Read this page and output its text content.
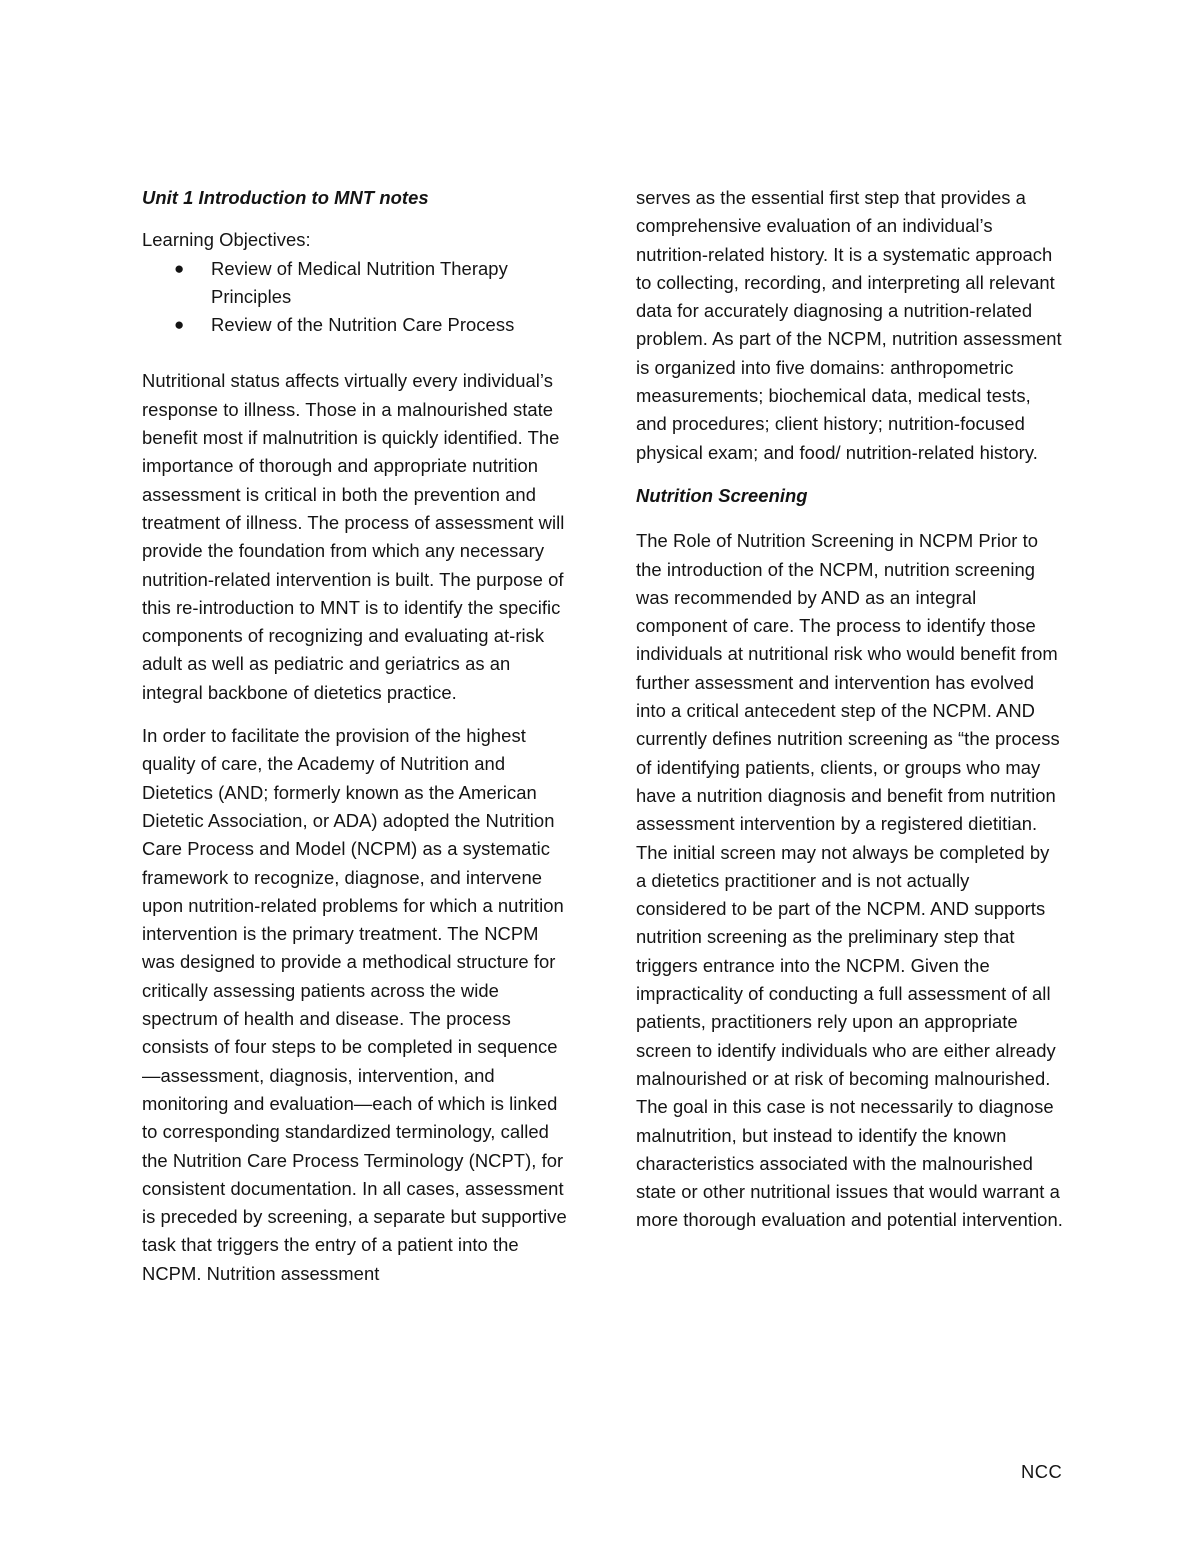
Unit 1 Introduction to MNT notes
Learning Objectives:
● Review of Medical Nutrition Therapy Principles
● Review of the Nutrition Care Process

Nutritional status affects virtually every individual’s response to illness. Those in a malnourished state benefit most if malnutrition is quickly identified. The importance of thorough and appropriate nutrition assessment is critical in both the prevention and treatment of illness. The process of assessment will provide the foundation from which any necessary nutrition-related intervention is built. The purpose of this re-introduction to MNT is to identify the specific components of recognizing and evaluating at-risk adult as well as pediatric and geriatrics as an integral backbone of dietetics practice.

In order to facilitate the provision of the highest quality of care, the Academy of Nutrition and Dietetics (AND; formerly known as the American Dietetic Association, or ADA) adopted the Nutrition Care Process and Model (NCPM) as a systematic framework to recognize, diagnose, and intervene upon nutrition-related problems for which a nutrition intervention is the primary treatment. The NCPM was designed to provide a methodical structure for critically assessing patients across the wide spectrum of health and disease. The process consists of four steps to be completed in sequence—assessment, diagnosis, intervention, and monitoring and evaluation—each of which is linked to corresponding standardized terminology, called the Nutrition Care Process Terminology (NCPT), for consistent documentation. In all cases, assessment is preceded by screening, a separate but supportive task that triggers the entry of a patient into the NCPM. Nutrition assessment

serves as the essential first step that provides a comprehensive evaluation of an individual’s nutrition-related history. It is a systematic approach to collecting, recording, and interpreting all relevant data for accurately diagnosing a nutrition-related problem. As part of the NCPM, nutrition assessment is organized into five domains: anthropometric measurements; biochemical data, medical tests, and procedures; client history; nutrition-focused physical exam; and food/ nutrition-related history.

Nutrition Screening

The Role of Nutrition Screening in NCPM Prior to the introduction of the NCPM, nutrition screening was recommended by AND as an integral component of care. The process to identify those individuals at nutritional risk who would benefit from further assessment and intervention has evolved into a critical antecedent step of the NCPM. AND currently defines nutrition screening as “the process of identifying patients, clients, or groups who may have a nutrition diagnosis and benefit from nutrition assessment intervention by a registered dietitian. The initial screen may not always be completed by a dietetics practitioner and is not actually considered to be part of the NCPM. AND supports nutrition screening as the preliminary step that triggers entrance into the NCPM. Given the impracticality of conducting a full assessment of all patients, practitioners rely upon an appropriate screen to identify individuals who are either already malnourished or at risk of becoming malnourished. The goal in this case is not necessarily to diagnose malnutrition, but instead to identify the known characteristics associated with the malnourished state or other nutritional issues that would warrant a more thorough evaluation and potential intervention.

NCC
